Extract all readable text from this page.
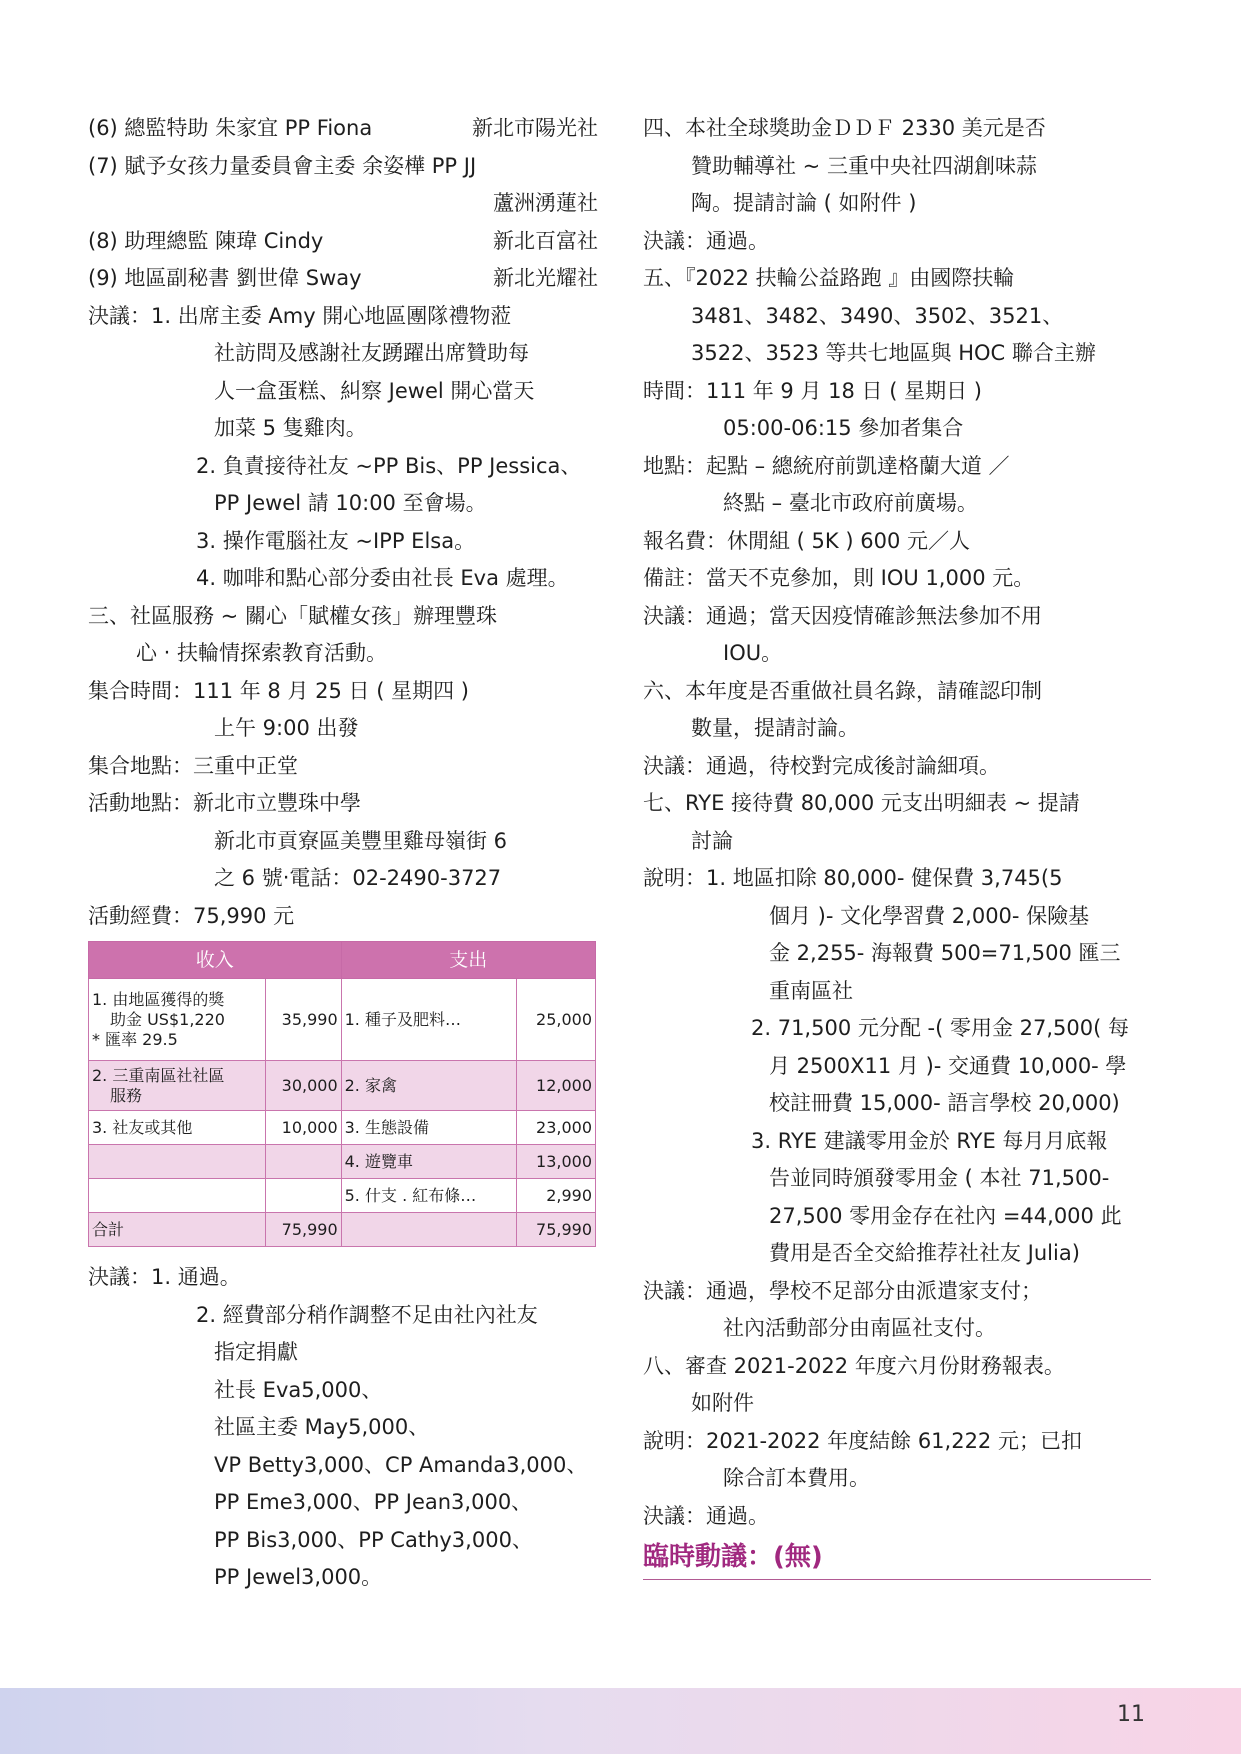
(6) 總監特助 朱家宜 PP Fiona	新北市陽光社
(7) 賦予女孩力量委員會主委 余姿樺 PP JJ

蘆洲湧蓮社
(8) 助理總監 陳瑋 Cindy	新北百富社
(9) 地區副秘書 劉世偉 Sway	新北光耀社
決議：1. 出席主委 Amy 開心地區團隊禮物蒞
社訪問及感謝社友踴躍出席贊助每
人一盒蛋糕、糾察 Jewel 開心當天
加菜 5 隻雞肉。
2. 負責接待社友 ~PP Bis、PP Jessica、
PP Jewel 請 10:00 至會場。
3. 操作電腦社友 ~IPP Elsa。
4. 咖啡和點心部分委由社長 Eva 處理。
三、社區服務 ~ 關心「賦權女孩」辦理豐珠
心 ‧ 扶輪情探索教育活動。
集合時間：111 年 8 月 25 日 ( 星期四 )
上午 9:00 出發
集合地點：三重中正堂
活動地點：新北市立豐珠中學
新北市貢寮區美豐里雞母嶺街 6
之 6 號‧電話：02-2490-3727
活動經費：75,990 元
收入		支出	

1. 由地區獲得的獎
助金 US$1,220
* 匯率 29.5	35,990	1. 種子及肥料…	25,000

2. 三重南區社社區
服務	30,000	2. 家禽	12,000
3. 社友或其他	10,000	3. 生態設備	23,000
		4. 遊覽車	13,000
		5. 什支 . 紅布條…	2,990
合計	75,990		75,990
決議：1. 通過。
2. 經費部分稍作調整不足由社內社友
指定捐獻
社長 Eva5,000、
社區主委 May5,000、
VP Betty3,000、CP Amanda3,000、
PP Eme3,000、PP Jean3,000、
PP Bis3,000、PP Cathy3,000、
PP Jewel3,000。
四、本社全球獎助金ＤＤＦ 2330 美元是否
贊助輔導社 ~ 三重中央社四湖創味蒜
陶。提請討論 ( 如附件 )
決議：通過。
五、『2022 扶輪公益路跑 』由國際扶輪
3481、3482、3490、3502、3521、
3522、3523 等共七地區與 HOC 聯合主辦
時間：111 年 9 月 18 日 ( 星期日 )
05:00-06:15 參加者集合
地點：起點 – 總統府前凱達格蘭大道 ／
終點 – 臺北市政府前廣場。
報名費：休閒組 ( 5K ) 600 元／人
備註：當天不克參加，則 IOU 1,000 元。
決議：通過；當天因疫情確診無法參加不用
IOU。
六、本年度是否重做社員名錄，請確認印制
數量，提請討論。
決議：通過，待校對完成後討論細項。
七、RYE 接待費 80,000 元支出明細表 ~ 提請
討論
說明：1. 地區扣除 80,000- 健保費 3,745(5
個月 )- 文化學習費 2,000- 保險基
金 2,255- 海報費 500=71,500 匯三
重南區社
2. 71,500 元分配 -( 零用金 27,500( 每
月 2500X11 月 )- 交通費 10,000- 學
校註冊費 15,000- 語言學校 20,000)
3. RYE 建議零用金於 RYE 每月月底報
告並同時頒發零用金 ( 本社 71,500-
27,500 零用金存在社內 =44,000 此
費用是否全交給推荐社社友 Julia)
決議：通過，學校不足部分由派遣家支付；
社內活動部分由南區社支付。
八、審查 2021-2022 年度六月份財務報表。
如附件
說明：2021-2022 年度結餘 61,222 元；已扣
除合訂本費用。
決議：通過。
臨時動議：(無)
11
